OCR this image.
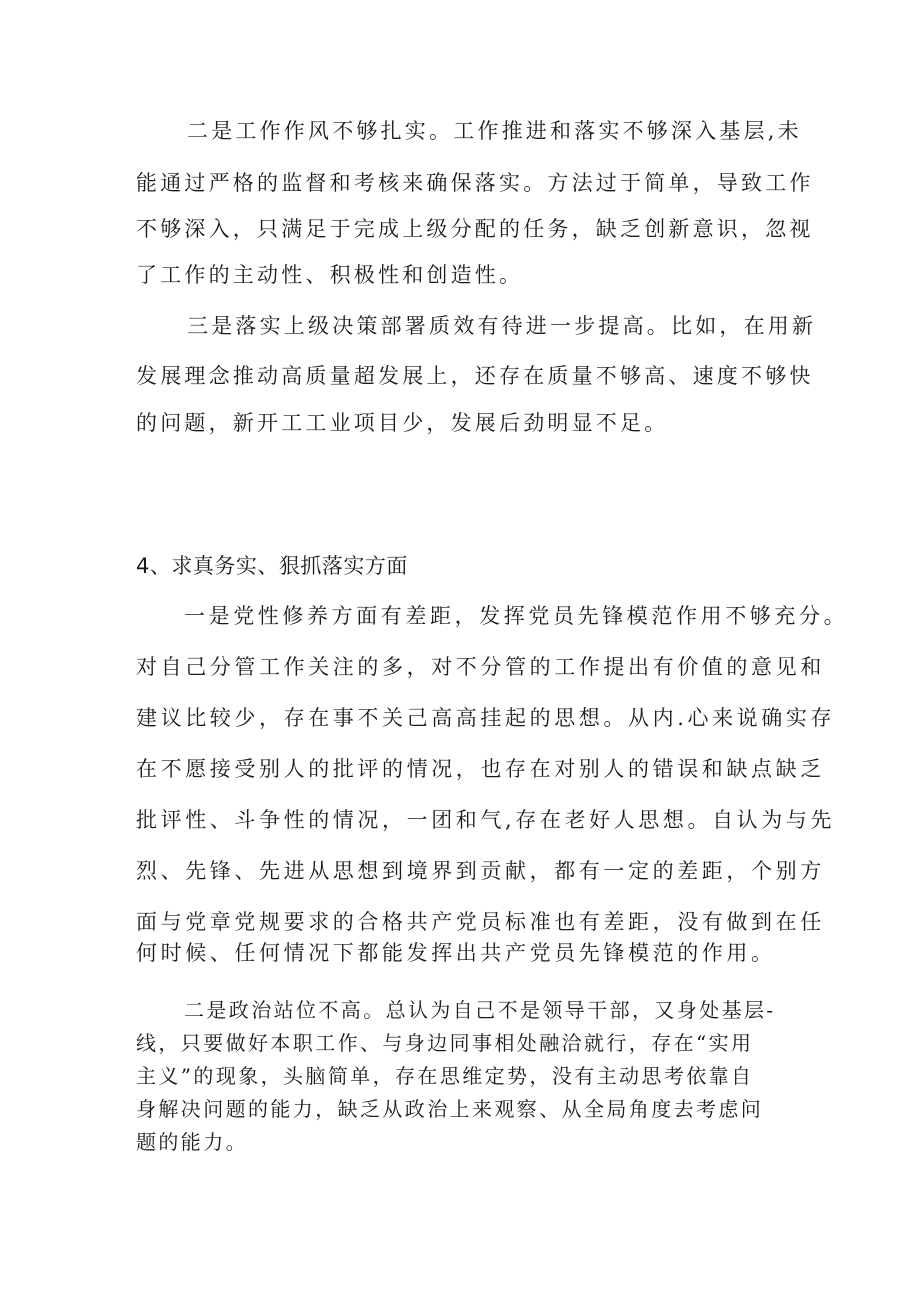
二是工作作风不够扎实。工作推进和落实不够深入基层,未
能通过严格的监督和考核来确保落实。方法过于简单，导致工作
不够深入，只满足于完成上级分配的任务，缺乏创新意识，忽视
了工作的主动性、积极性和创造性。
三是落实上级决策部署质效有待进一步提高。比如，在用新
发展理念推动高质量超发展上，还存在质量不够高、速度不够快
的问题，新开工工业项目少，发展后劲明显不足。
4、求真务实、狠抓落实方面
一是党性修养方面有差距，发挥党员先锋模范作用不够充分。
对自己分管工作关注的多，对不分管的工作提出有价值的意见和
建议比较少，存在事不关己高高挂起的思想。从内.心来说确实存
在不愿接受别人的批评的情况，也存在对别人的错误和缺点缺乏
批评性、斗争性的情况，一团和气,存在老好人思想。自认为与先
烈、先锋、先进从思想到境界到贡献，都有一定的差距，个别方
面与党章党规要求的合格共产党员标准也有差距，没有做到在任
何时候、任何情况下都能发挥出共产党员先锋模范的作用。
二是政治站位不高。总认为自己不是领导干部，又身处基层-
线，只要做好本职工作、与身边同事相处融洽就行，存在“实用
主义”的现象，头脑简单，存在思维定势，没有主动思考依靠自
身解决问题的能力，缺乏从政治上来观察、从全局角度去考虑问
题的能力。
